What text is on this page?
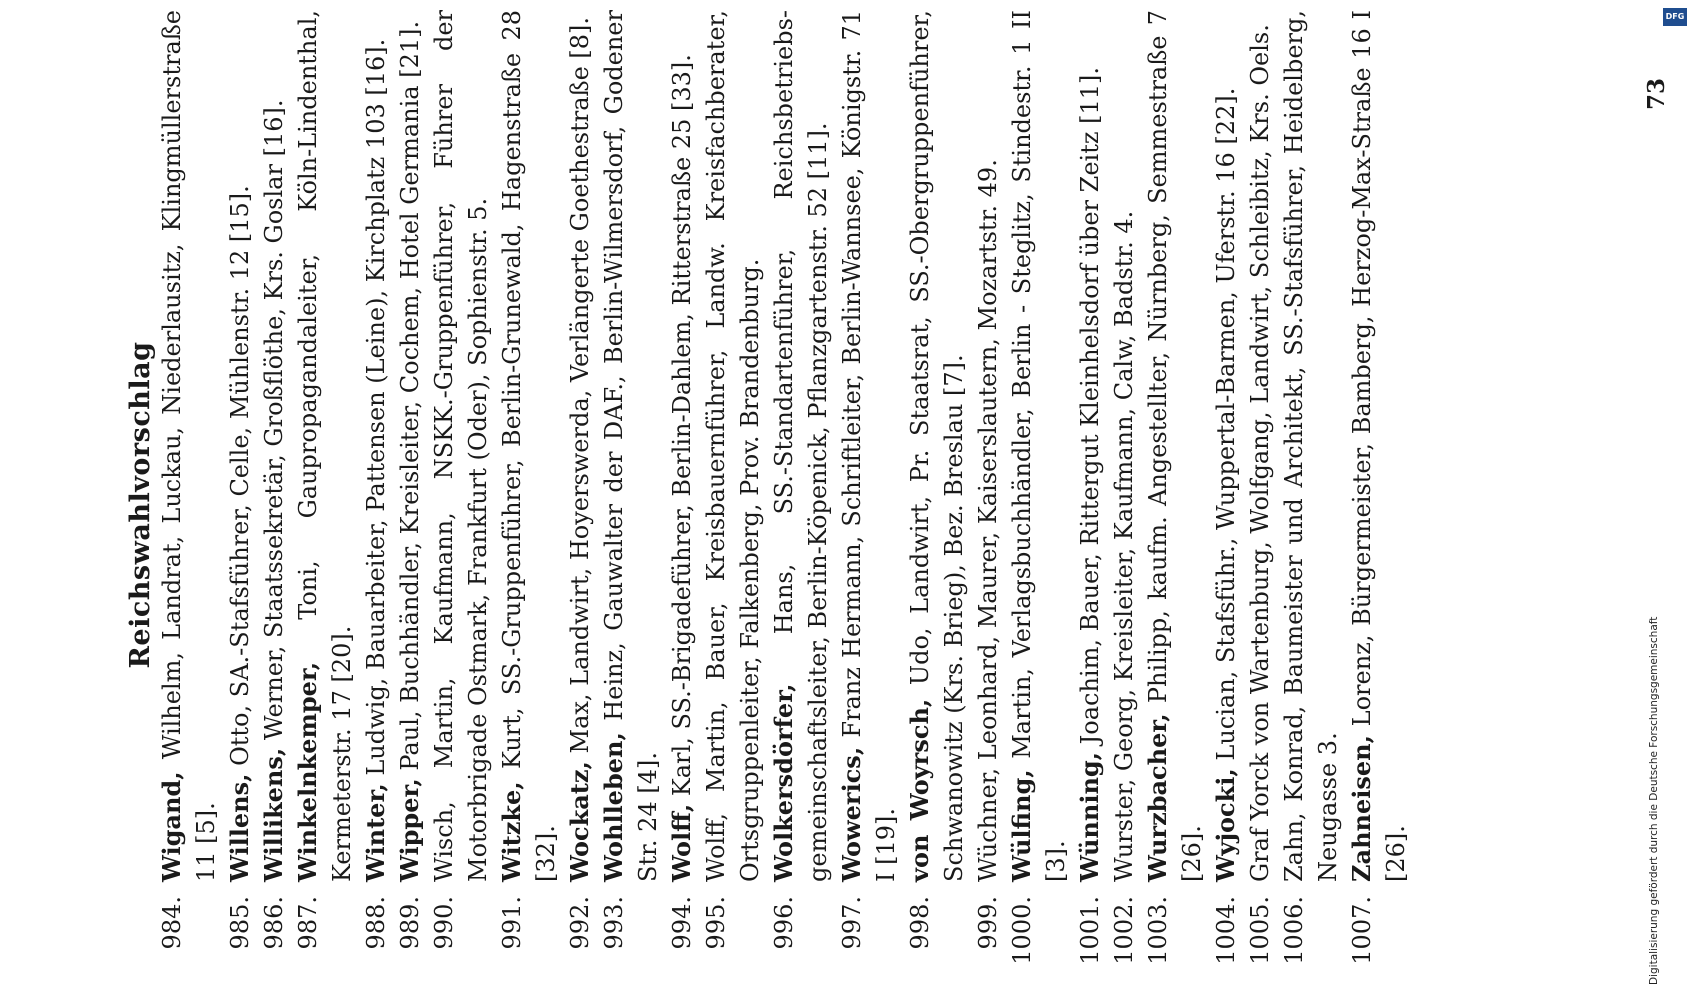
Reichswahlvorschlag
984.
Wigand, Wilhelm, Landrat, Luckau, Niederlausitz, Klingmüllerstraße 11 [5].
985.
Willens, Otto, SA.-Stafsführer, Celle, Mühlenstr. 12 [15].
986.
Willikens, Werner, Staatssekretär, Großflöthe, Krs. Goslar [16].
987.
Winkelnkemper, Toni, Gaupropagandaleiter, Köln-Lindenthal, Kermeterstr. 17 [20].
988.
Winter, Ludwig, Bauarbeiter, Pattensen (Leine), Kirchplatz 103 [16].
989.
Wipper, Paul, Buchhändler, Kreisleiter, Cochem, Hotel Germania [21].
990.
Wisch, Martin, Kaufmann, NSKK.-Gruppenführer, Führer der Motorbrigade Ostmark, Frankfurt (Oder), Sophienstr. 5.
991.
Witzke, Kurt, SS.-Gruppenführer, Berlin-Grunewald, Hagenstraße 28 [32].
992.
Wockatz, Max, Landwirt, Hoyerswerda, Verlängerte Goethestraße [8].
993.
Wohlleben, Heinz, Gauwalter der DAF., Berlin-Wilmersdorf, Godener Str. 24 [4].
994.
Wolff, Karl, SS.-Brigadeführer, Berlin-Dahlem, Ritterstraße 25 [33].
995.
Wolff, Martin, Bauer, Kreisbauernführer, Landw. Kreisfachberater, Ortsgruppenleiter, Falkenberg, Prov. Brandenburg.
996.
Wolkersdörfer, Hans, SS.-Standartenführer, Reichsbetriebsgemeinschaftsleiter, Berlin-Köpenick, Pflanzgartenstr. 52 [11].
997.
Wowerics, Franz Hermann, Schriftleiter, Berlin-Wannsee, Königstr. 71 I [19].
998.
von Woyrsch, Udo, Landwirt, Pr. Staatsrat, SS.-Obergruppenführer, Schwanowitz (Krs. Brieg), Bez. Breslau [7].
999.
Wüchner, Leonhard, Maurer, Kaiserslautern, Mozartstr. 49.
1000.
Wülfing, Martin, Verlagsbuchhändler, Berlin - Steglitz, Stindestr. 1 II [3].
1001.
Wünning, Joachim, Bauer, Rittergut Kleinhelsdorf über Zeitz [11].
1002.
Wurster, Georg, Kreisleiter, Kaufmann, Calw, Badstr. 4.
1003.
Wurzbacher, Philipp, kaufm. Angestellter, Nürnberg, Semmestraße 7 [26].
1004.
Wyjocki, Lucian, Stafsführ., Wuppertal-Barmen, Uferstr. 16 [22].
1005.
Graf Yorck von Wartenburg, Wolfgang, Landwirt, Schleibitz, Krs. Oels.
1006.
Zahn, Konrad, Baumeister und Architekt, SS.-Stafsführer, Heidelberg, Neugasse 3.
1007.
Zahneisen, Lorenz, Bürgermeister, Bamberg, Herzog-Max-Straße 16 I [26].
73
DFG
Digitalisierung gefördert durch die Deutsche Forschungsgemeinschaft
